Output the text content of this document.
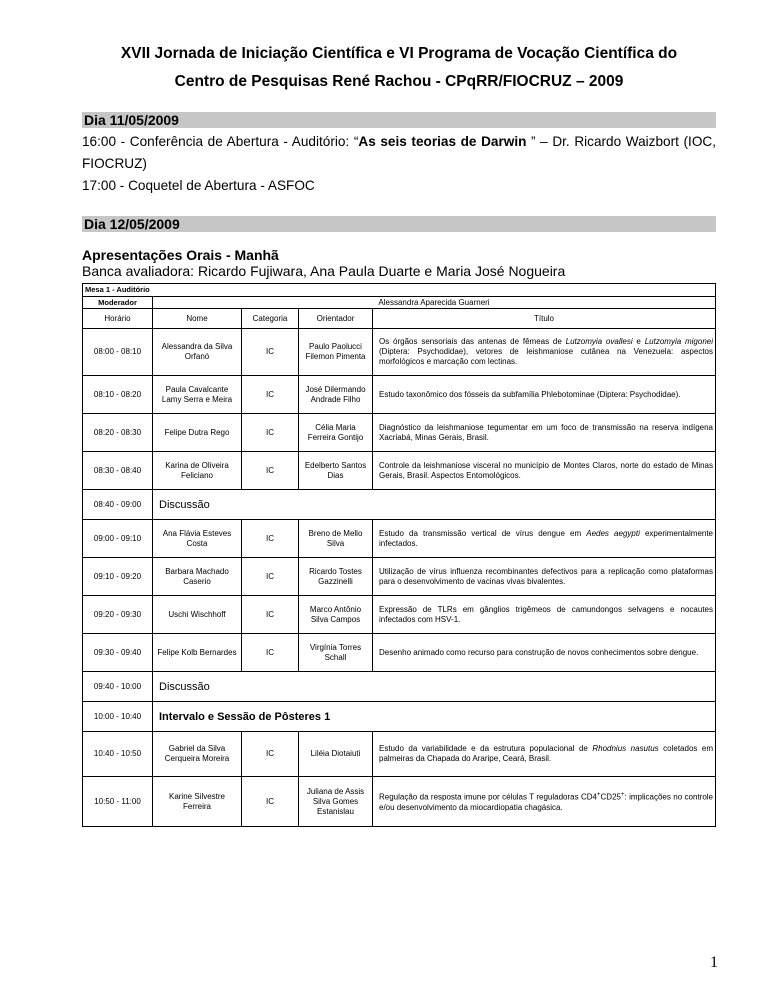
XVII Jornada de Iniciação Científica e VI Programa de Vocação Científica do
Centro de Pesquisas René Rachou - CPqRR/FIOCRUZ – 2009
Dia 11/05/2009
16:00 - Conferência de Abertura - Auditório: “As seis teorias de Darwin ” – Dr. Ricardo Waizbort (IOC, FIOCRUZ)
17:00 - Coquetel de Abertura - ASFOC
Dia 12/05/2009
Apresentações Orais - Manhã
Banca avaliadora: Ricardo Fujiwara, Ana Paula Duarte e Maria José Nogueira
Mesa 1 - Auditório				
Moderador	Alessandra Aparecida Guarneri			
Horário	Nome	Categoria	Orientador	Título
08:00 - 08:10	Alessandra da Silva Orfanó	IC	Paulo Paolucci Filemon Pimenta	Os órgãos sensoriais das antenas de fêmeas de Lutzomyia ovallesi e Lutzomyia migonei (Diptera: Psychodidae), vetores de leishmaniose cutânea na Venezuela: aspectos morfológicos e marcação com lectinas.
08:10 - 08:20	Paula Cavalcante Lamy Serra e Meira	IC	José Dilermando Andrade Filho	Estudo taxonômico dos fósseis da subfamília Phlebotominae (Diptera: Psychodidae).
08:20 - 08:30	Felipe Dutra Rego	IC	Célia Maria Ferreira Gontijo	Diagnóstico da leishmaniose tegumentar em um foco de transmissão na reserva indígena Xacriabá, Minas Gerais, Brasil.
08:30 - 08:40	Karina de Oliveira Feliciano	IC	Edelberto Santos Dias	Controle da leishmaniose visceral no município de Montes Claros, norte do estado de Minas Gerais, Brasil. Aspectos Entomológicos.
08:40 - 09:00	Discussão			
09:00 - 09:10	Ana Flávia Esteves Costa	IC	Breno de Mello Silva	Estudo da transmissão vertical de vírus dengue em Aedes aegypti experimentalmente infectados.
09:10 - 09:20	Barbara Machado Caserio	IC	Ricardo Tostes Gazzinelli	Utilização de vírus influenza recombinantes defectivos para a replicação como plataformas para o desenvolvimento de vacinas vivas bivalentes.
09:20 - 09:30	Uschi Wischhoff	IC	Marco Antônio Silva Campos	Expressão de TLRs em gânglios trigêmeos de camundongos selvagens e nocautes infectados com HSV-1.
09:30 - 09:40	Felipe Kolb Bernardes	IC	Virgínia Torres Schall	Desenho animado como recurso para construção de novos conhecimentos sobre dengue.
09:40 - 10:00	Discussão			
10:00 - 10:40	Intervalo e Sessão de Pôsteres 1			
10:40 - 10:50	Gabriel da Silva Cerqueira Moreira	IC	Liléia Diotaiuti	Estudo da variabilidade e da estrutura populacional de Rhodnius nasutus coletados em palmeiras da Chapada do Araripe, Ceará, Brasil.
10:50 - 11:00	Karine Silvestre Ferreira	IC	Juliana de Assis Silva Gomes Estanislau	Regulação da resposta imune por células T reguladoras CD4+CD25+: implicações no controle e/ou desenvolvimento da miocardiopatia chagásica.
1
